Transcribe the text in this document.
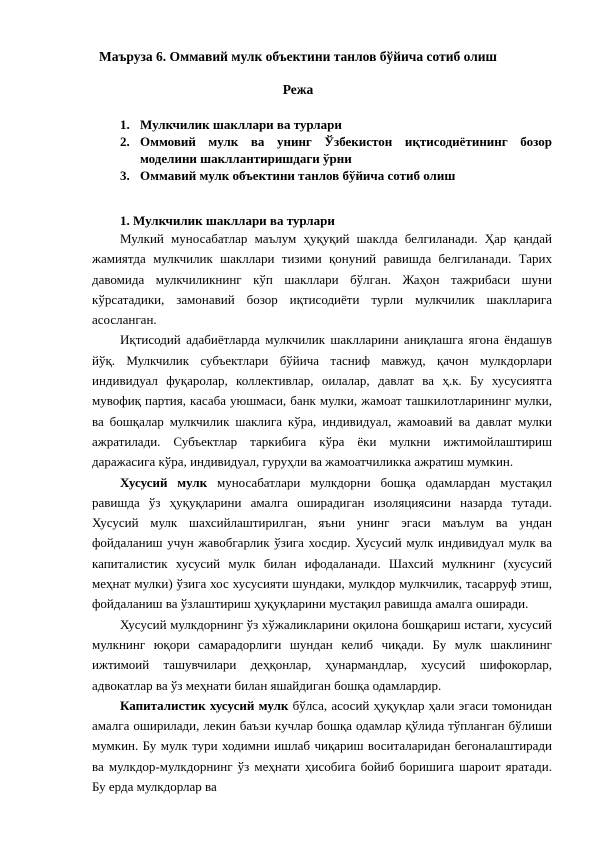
Маъруза 6. Оммавий мулк объектини танлов бўйича сотиб олиш
Режа
1. Мулкчилик шакллари ва турлари
2. Оммовий мулк ва унинг Ўзбекистон иқтисодиётининг бозор моделини шакллантиришдаги ўрни
3. Оммавий мулк объектини танлов бўйича сотиб олиш
1. Мулкчилик шакллари ва турлари

Мулкий муносабатлар маълум ҳуқуқий шаклда белгиланади. Ҳар қандай жамиятда мулкчилик шакллари тизими қонуний равишда белгиланади. Тарих давомида мулкчиликнинг кўп шакллари бўлган. Жаҳон тажрибаси шуни кўрсатадики, замонавий бозор иқтисодиёти турли мулкчилик шаклларига асосланган.

Иқтисодий адабиётларда мулкчилик шаклларини аниқлашга ягона ёндашув йўқ. Мулкчилик субъектлари бўйича тасниф мавжуд, қачон мулкдорлари индивидуал фуқаролар, коллективлар, оилалар, давлат ва ҳ.к. Бу хусусиятга мувофиқ партия, касаба уюшмаси, банк мулки, жамоат ташкилотларининг мулки, ва бошқалар мулкчилик шаклига кўра, индивидуал, жамоавий ва давлат мулки ажратилади. Субъектлар таркибига кўра ёки мулкни ижтимойлаштириш даражасига кўра, индивидуал, гуруҳли ва жамоатчиликка ажратиш мумкин.

Хусусий мулк муносабатлари мулкдорни бошқа одамлардан мустақил равишда ўз ҳуқуқларини амалга оширадиган изоляциясини назарда тутади. Хусусий мулк шахсийлаштирилган, яъни унинг эгаси маълум ва ундан фойдаланиш учун жавобгарлик ўзига хосдир. Хусусий мулк индивидуал мулк ва капиталистик хусусий мулк билан ифодаланади. Шахсий мулкнинг (хусусий меҳнат мулки) ўзига хос хусусияти шундаки, мулкдор мулкчилик, тасарруф этиш, фойдаланиш ва ўзлаштириш ҳуқуқларини мустақил равишда амалга оширади.

Хусусий мулкдорнинг ўз хўжаликларини оқилона бошқариш истаги, хусусий мулкнинг юқори самарадорлиги шундан келиб чиқади. Бу мулк шаклининг ижтимоий ташувчилари деҳқонлар, ҳунармандлар, хусусий шифокорлар, адвокатлар ва ўз меҳнати билан яшайдиган бошқа одамлардир.

Капиталистик хусусий мулк бўлса, асосий ҳуқуқлар ҳали эгаси томонидан амалга оширилади, лекин баъзи кучлар бошқа одамлар қўлида тўпланган бўлиши мумкин. Бу мулк тури ходимни ишлаб чиқариш воситаларидан бегоналаштиради ва мулкдор-мулкдорнинг ўз меҳнати ҳисобига бойиб боришига шароит яратади. Бу ерда мулкдорлар ва
